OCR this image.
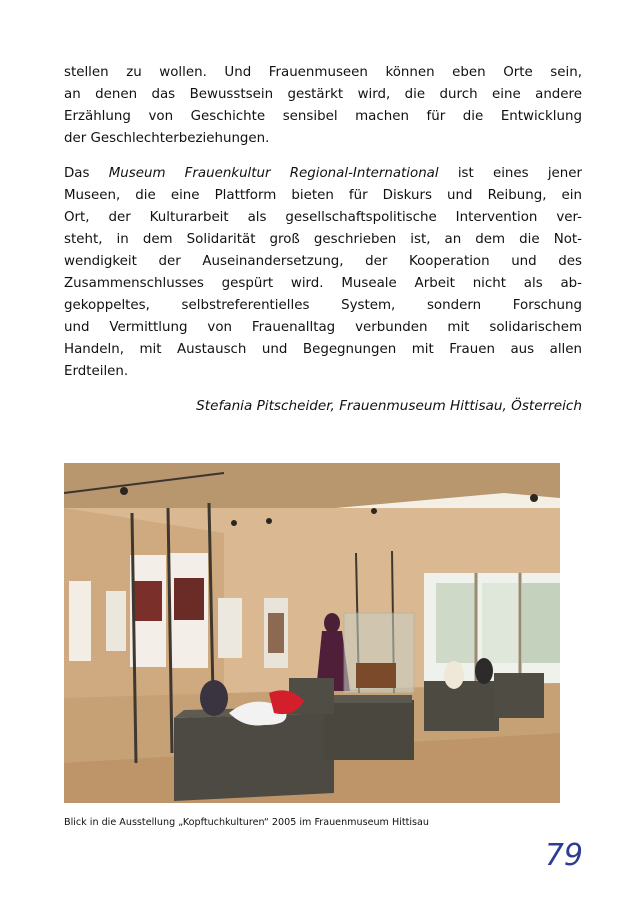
stellen zu wollen. Und Frauenmuseen können eben Orte sein,
an denen das Bewusstsein gestärkt wird, die durch eine andere
Erzählung von Geschichte sensibel machen für die Entwicklung
der Geschlechterbeziehungen.
Das Museum Frauenkultur Regional-International ist eines jener
Museen, die eine Plattform bieten für Diskurs und Reibung, ein
Ort, der Kulturarbeit als gesellschaftspolitische Intervention ver-
steht, in dem Solidarität groß geschrieben ist, an dem die Not-
wendigkeit der Auseinandersetzung, der Kooperation und des
Zusammenschlusses gespürt wird. Museale Arbeit nicht als ab-
gekoppeltes, selbstreferentielles System, sondern Forschung
und Vermittlung von Frauenalltag verbunden mit solidarischem
Handeln, mit Austausch und Begegnungen mit Frauen aus allen
Erdteilen.
Stefania Pitscheider, Frauenmuseum Hittisau, Österreich
Blick in die Ausstellung „Kopftuchkulturen“ 2005 im Frauenmuseum Hittisau
79
